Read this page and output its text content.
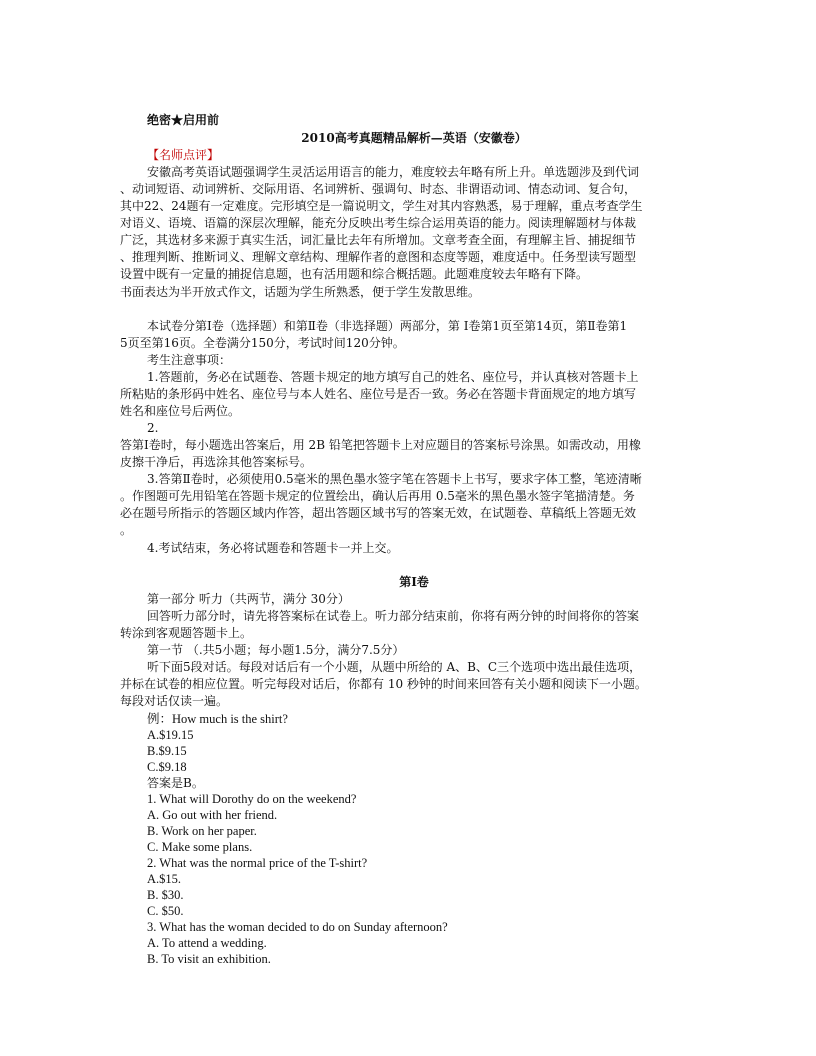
绝密★启用前
2010高考真题精品解析—英语（安徽卷）
【名师点评】
安徽高考英语试题强调学生灵活运用语言的能力，难度较去年略有所上升。单选题涉及到代词
、动词短语、动词辨析、交际用语、名词辨析、强调句、时态、非谓语动词、情态动词、复合句，
其中22、24题有一定难度。完形填空是一篇说明文，学生对其内容熟悉，易于理解，重点考查学生
对语义、语境、语篇的深层次理解，能充分反映出考生综合运用英语的能力。阅读理解题材与体裁
广泛，其选材多来源于真实生活，词汇量比去年有所增加。文章考查全面，有理解主旨、捕捉细节
、推理判断、推断词义、理解文章结构、理解作者的意图和态度等题，难度适中。任务型读写题型
设置中既有一定量的捕捉信息题，也有活用题和综合概括题。此题难度较去年略有下降。
书面表达为半开放式作文，话题为学生所熟悉，便于学生发散思维。
本试卷分第Ⅰ卷（选择题）和第Ⅱ卷（非选择题）两部分，第 Ⅰ卷第1页至第14页，第Ⅱ卷第1
5页至第16页。全卷满分150分，考试时间120分钟。
考生注意事项：
1.答题前，务必在试题卷、答题卡规定的地方填写自己的姓名、座位号，并认真核对答题卡上
所粘贴的条形码中姓名、座位号与本人姓名、座位号是否一致。务必在答题卡背面规定的地方填写
姓名和座位号后两位。
2.
答第Ⅰ卷时，每小题选出答案后，用 2B 铅笔把答题卡上对应题目的答案标号涂黑。如需改动，用橡
皮擦干净后，再选涂其他答案标号。
3.答第Ⅱ卷时，必须使用0.5毫米的黑色墨水签字笔在答题卡上书写，要求字体工整，笔迹清晰
。作图题可先用铅笔在答题卡规定的位置绘出，确认后再用 0.5毫米的黑色墨水签字笔描清楚。务
必在题号所指示的答题区域内作答，超出答题区域书写的答案无效，在试题卷、草稿纸上答题无效
。
4.考试结束，务必将试题卷和答题卡一并上交。
第Ⅰ卷
第一部分 听力（共两节，满分 30分）
回答听力部分时，请先将答案标在试卷上。听力部分结束前，你将有两分钟的时间将你的答案
转涂到客观题答题卡上。
第一节 （.共5小题；每小题1.5分，满分7.5分）
听下面5段对话。每段对话后有一个小题，从题中所给的 A、B、C三个选项中选出最佳选项，
并标在试卷的相应位置。听完每段对话后，你都有 10 秒钟的时间来回答有关小题和阅读下一小题。
每段对话仅读一遍。
例：How much is the shirt?
A.$19.15
B.$9.15
C.$9.18
答案是B。
1. What will Dorothy do on the weekend?
A. Go out with her friend.
B. Work on her paper.
C. Make some plans.
2. What was the normal price of the T-shirt?
A.$15.
B. $30.
C. $50.
3. What has the woman decided to do on Sunday afternoon?
A. To attend a wedding.
B. To visit an exhibition.
